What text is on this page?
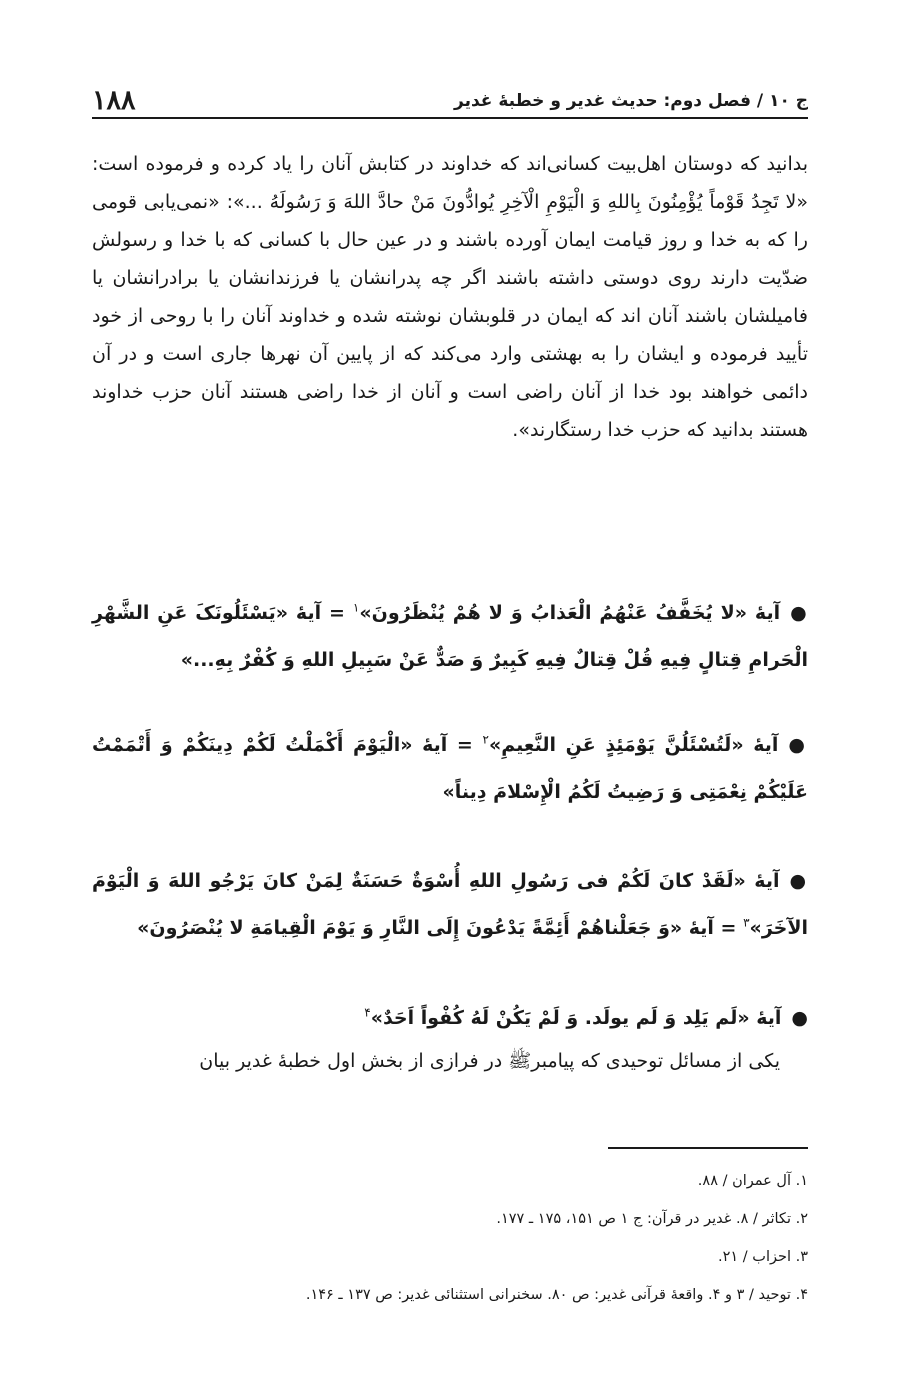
ج ۱۰ / فصل دوم: حدیث غدیر و خطبهٔ غدیر
۱۸۸

بدانید که دوستان اهل‌بیت کسانی‌اند که خداوند در کتابش آنان را یاد کرده و فرموده است: «لا تَجِدُ قَوْماً یُؤْمِنُونَ بِاللهِ وَ الْیَوْمِ الْآخِرِ یُوادُّونَ مَنْ حادَّ اللهَ وَ رَسُولَهُ ...»: «نمی‌یابی قومی را که به خدا و روز قیامت ایمان آورده باشند و در عین حال با کسانی که با خدا و رسولش ضدّیت دارند روی دوستی داشته باشند اگر چه پدرانشان یا فرزندانشان یا برادرانشان یا فامیلشان باشند آنان اند که ایمان در قلوبشان نوشته شده و خداوند آنان را با روحی از خود تأیید فرموده و ایشان را به بهشتی وارد می‌کند که از پایین آن نهرها جاری است و در آن دائمی خواهند بود خدا از آنان راضی است و آنان از خدا راضی هستند آنان حزب خداوند هستند بدانید که حزب خدا رستگارند».

●آیهٔ «لا یُخَفَّفُ عَنْهُمُ الْعَذابُ وَ لا هُمْ یُنْظَرُونَ»$^۱$ = آیهٔ «یَسْئَلُونَکَ عَنِ الشَّهْرِ الْحَرامِ قِتالٍ فِیهِ قُلْ قِتالٌ فِیهِ کَبِیرٌ وَ صَدٌّ عَنْ سَبِیلِ اللهِ وَ کُفْرٌ بِهِ...»
●آیهٔ «لَتُسْئَلُنَّ یَوْمَئِذٍ عَنِ النَّعِیمِ»$^۲$ = آیهٔ «الْیَوْمَ أَکْمَلْتُ لَکُمْ دِینَکُمْ وَ أَتْمَمْتُ عَلَیْکُمْ نِعْمَتِی وَ رَضِیتُ لَکُمُ الْإِسْلامَ دِیناً»
●آیهٔ «لَقَدْ کانَ لَکُمْ فی رَسُولِ اللهِ أُسْوَةٌ حَسَنَةٌ لِمَنْ کانَ یَرْجُو اللهَ وَ الْیَوْمَ الآخَرَ»$^۳$ = آیهٔ «وَ جَعَلْناهُمْ أَئِمَّةً یَدْعُونَ إِلَی النَّارِ وَ یَوْمَ الْقِیامَةِ لا یُنْصَرُونَ»
●آیهٔ «لَم یَلِد وَ لَم یولَد. وَ لَمْ یَکُنْ لَهُ کُفْواً اَحَدٌ»$^۴$
یکی از مسائل توحیدی که پیامبرﷺ در فرازی از بخش اول خطبهٔ غدیر بیان
۱. آل عمران / ۸۸.
۲. تکاثر / ۸. غدیر در قرآن: ج ۱ ص ۱۵۱، ۱۷۵ ـ ۱۷۷.
۳. احزاب / ۲۱.
۴. توحید / ۳ و ۴. واقعهٔ قرآنی غدیر: ص ۸۰. سخنرانی استثنائی غدیر: ص ۱۳۷ ـ ۱۴۶.
